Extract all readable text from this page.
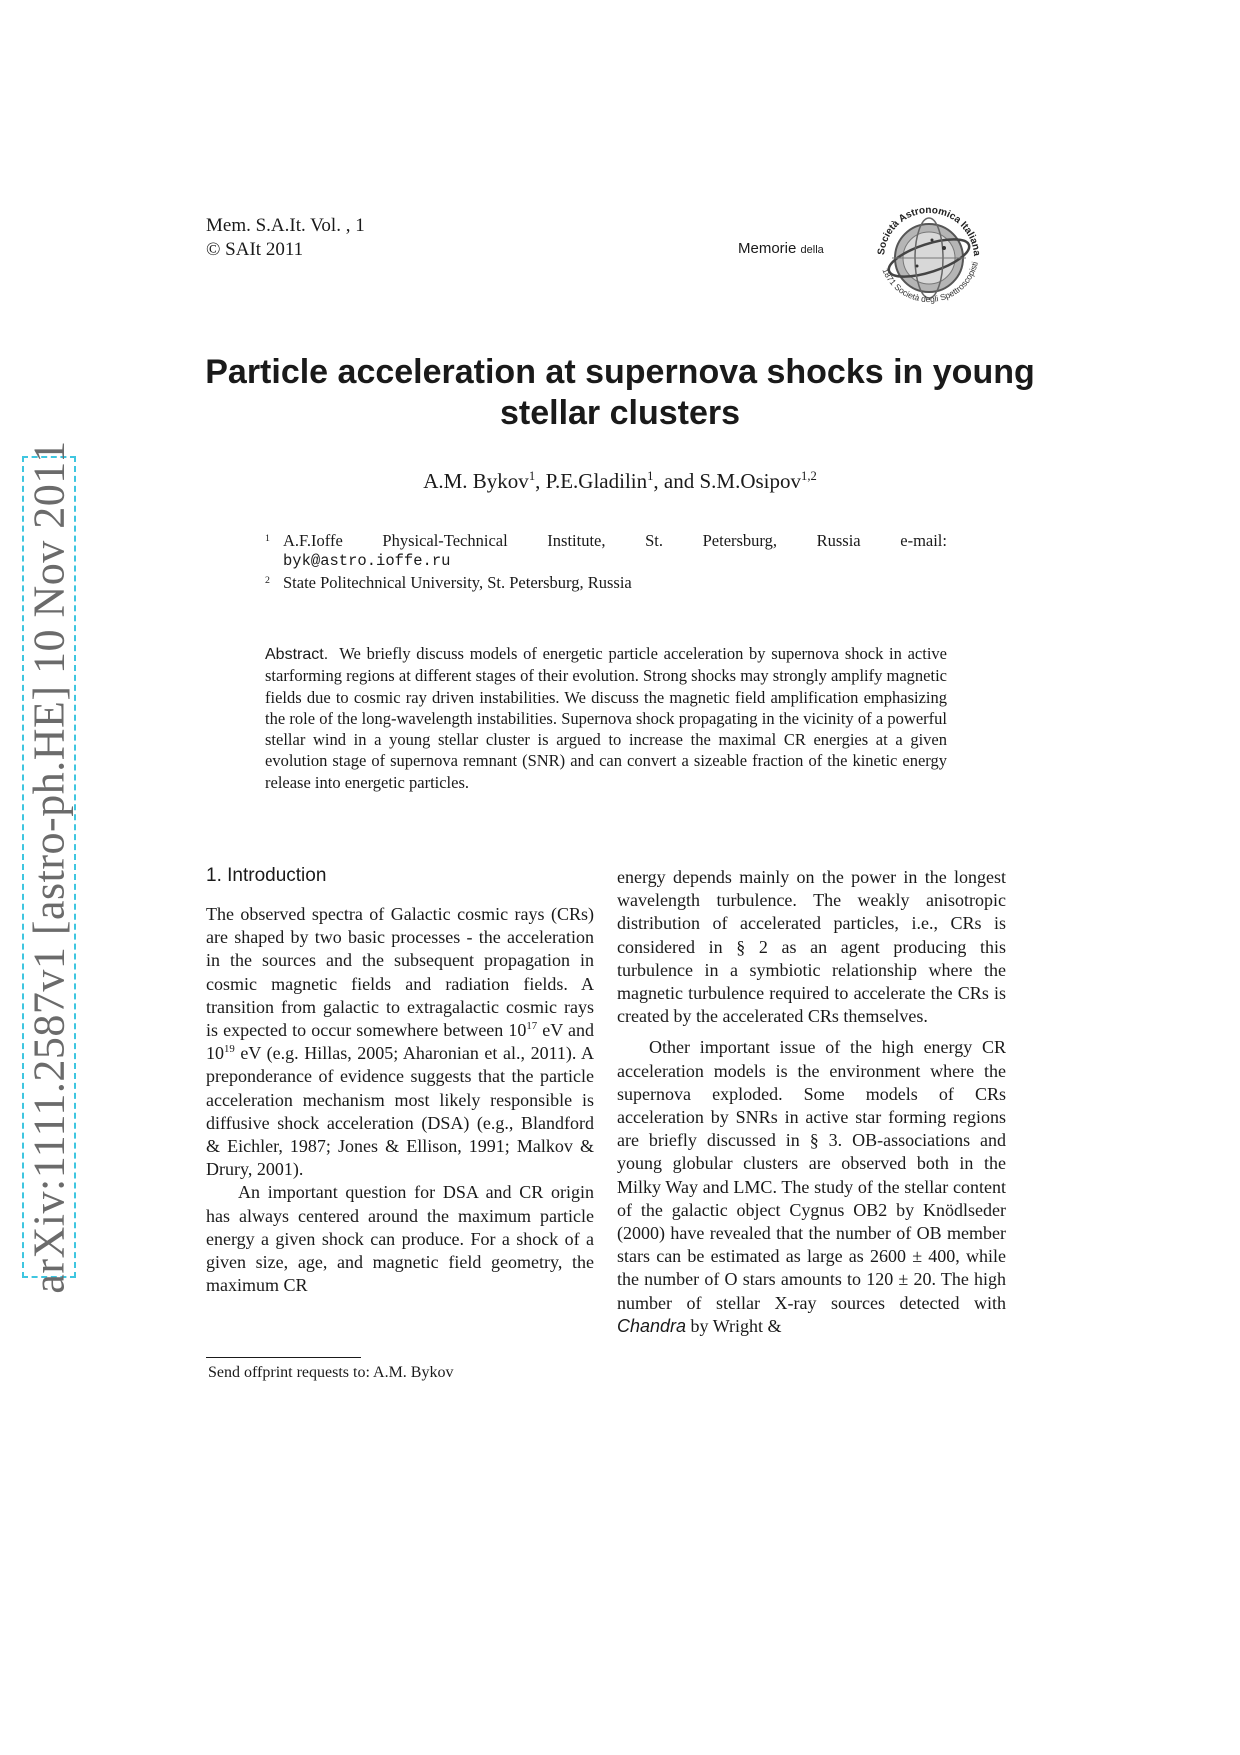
arXiv:1111.2587v1 [astro-ph.HE] 10 Nov 2011
Mem. S.A.It. Vol. , 1
© SAIt 2011	Memorie della	Società Astronomica Italiana
1871 Società degli Spettroscopisti
Particle acceleration at supernova shocks in young stellar clusters
A.M. Bykov$^1$, P.E.Gladilin$^1$, and S.M.Osipov$^{1,2}$
1 A.F.Ioffe Physical-Technical Institute, St. Petersburg, Russia e-mail:
byk@astro.ioffe.ru
2 State Politechnical University, St. Petersburg, Russia
Abstract. We briefly discuss models of energetic particle acceleration by supernova shock in active starforming regions at different stages of their evolution. Strong shocks may strongly amplify magnetic fields due to cosmic ray driven instabilities. We discuss the magnetic field amplification emphasizing the role of the long-wavelength instabilities. Supernova shock propagating in the vicinity of a powerful stellar wind in a young stellar cluster is argued to increase the maximal CR energies at a given evolution stage of supernova remnant (SNR) and can convert a sizeable fraction of the kinetic energy release into energetic particles.
1. Introduction

The observed spectra of Galactic cosmic rays (CRs) are shaped by two basic processes - the acceleration in the sources and the subsequent propagation in cosmic magnetic fields and radiation fields. A transition from galactic to extragalactic cosmic rays is expected to occur somewhere between $10^{17}$ eV and $10^{19}$ eV (e.g. Hillas, 2005; Aharonian et al., 2011). A preponderance of evidence suggests that the particle acceleration mechanism most likely responsible is diffusive shock acceleration (DSA) (e.g., Blandford & Eichler, 1987; Jones & Ellison, 1991; Malkov & Drury, 2001).

An important question for DSA and CR origin has always centered around the maximum particle energy a given shock can produce. For a shock of a given size, age, and magnetic field geometry, the maximum CR

Send offprint requests to: A.M. Bykov

energy depends mainly on the power in the longest wavelength turbulence. The weakly anisotropic distribution of accelerated particles, i.e., CRs is considered in § 2 as an agent producing this turbulence in a symbiotic relationship where the magnetic turbulence required to accelerate the CRs is created by the accelerated CRs themselves.

Other important issue of the high energy CR acceleration models is the environment where the supernova exploded. Some models of CRs acceleration by SNRs in active star forming regions are briefly discussed in § 3. OB-associations and young globular clusters are observed both in the Milky Way and LMC. The study of the stellar content of the galactic object Cygnus OB2 by Knödlseder (2000) have revealed that the number of OB member stars can be estimated as large as 2600 ± 400, while the number of O stars amounts to 120 ± 20. The high number of stellar X-ray sources detected with Chandra by Wright &
